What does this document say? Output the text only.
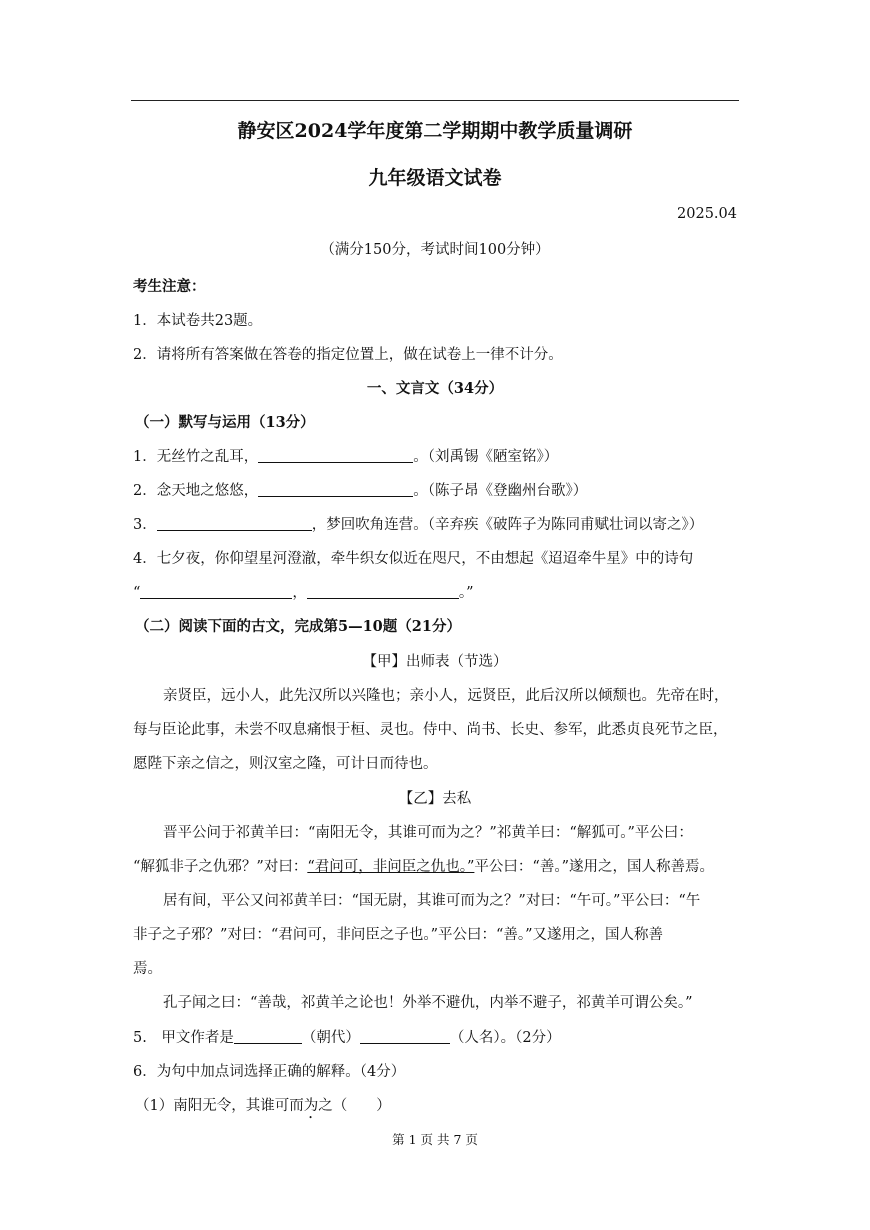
静安区2024学年度第二学期期中教学质量调研
九年级语文试卷
2025.04
（满分150分，考试时间100分钟）
考生注意：
1．本试卷共23题。
2．请将所有答案做在答卷的指定位置上，做在试卷上一律不计分。
一、文言文（34分）
（一）默写与运用（13分）
1．无丝竹之乱耳，	。（刘禹锡《陋室铭》）
2．念天地之悠悠，	。（陈子昂《登幽州台歌》）
3．	，梦回吹角连营。（辛弃疾《破阵子为陈同甫赋壮词以寄之》）
4．七夕夜，你仰望星河澄澈，牵牛织女似近在咫尺，不由想起《迢迢牵牛星》中的诗句
“	，	。”
（二）阅读下面的古文，完成第5—10题（21分）
【甲】出师表（节选）
亲贤臣，远小人，此先汉所以兴隆也；亲小人，远贤臣，此后汉所以倾颓也。先帝在时，
每与臣论此事，未尝不叹息痛恨于桓、灵也。侍中、尚书、长史、参军，此悉贞良死节之臣，
愿陛下亲之信之，则汉室之隆，可计日而待也。
【乙】去私
晋平公问于祁黄羊曰：“南阳无令，其谁可而为之？”祁黄羊曰：“解狐可。”平公曰：
“解狐非子之仇邪？”对曰：“君问可，非问臣之仇也。”平公曰：“善。”遂用之，国人称善焉。
居有间，平公又问祁黄羊曰：“国无尉，其谁可而为之？”对曰：“午可。”平公曰：“午
非子之子邪？”对曰：“君问可，非问臣之子也。”平公曰：“善。”又遂用之，国人称善
焉。
孔子闻之曰：“善哉，祁黄羊之论也！外举不避仇，内举不避子，祁黄羊可谓公矣。”
5.　甲文作者是	（朝代）	（人名）。（2分）
6．为句中加点词选择正确的解释。（4分）
（1）南阳无令，其谁可而为之（　　）
第 1 页 共 7 页
